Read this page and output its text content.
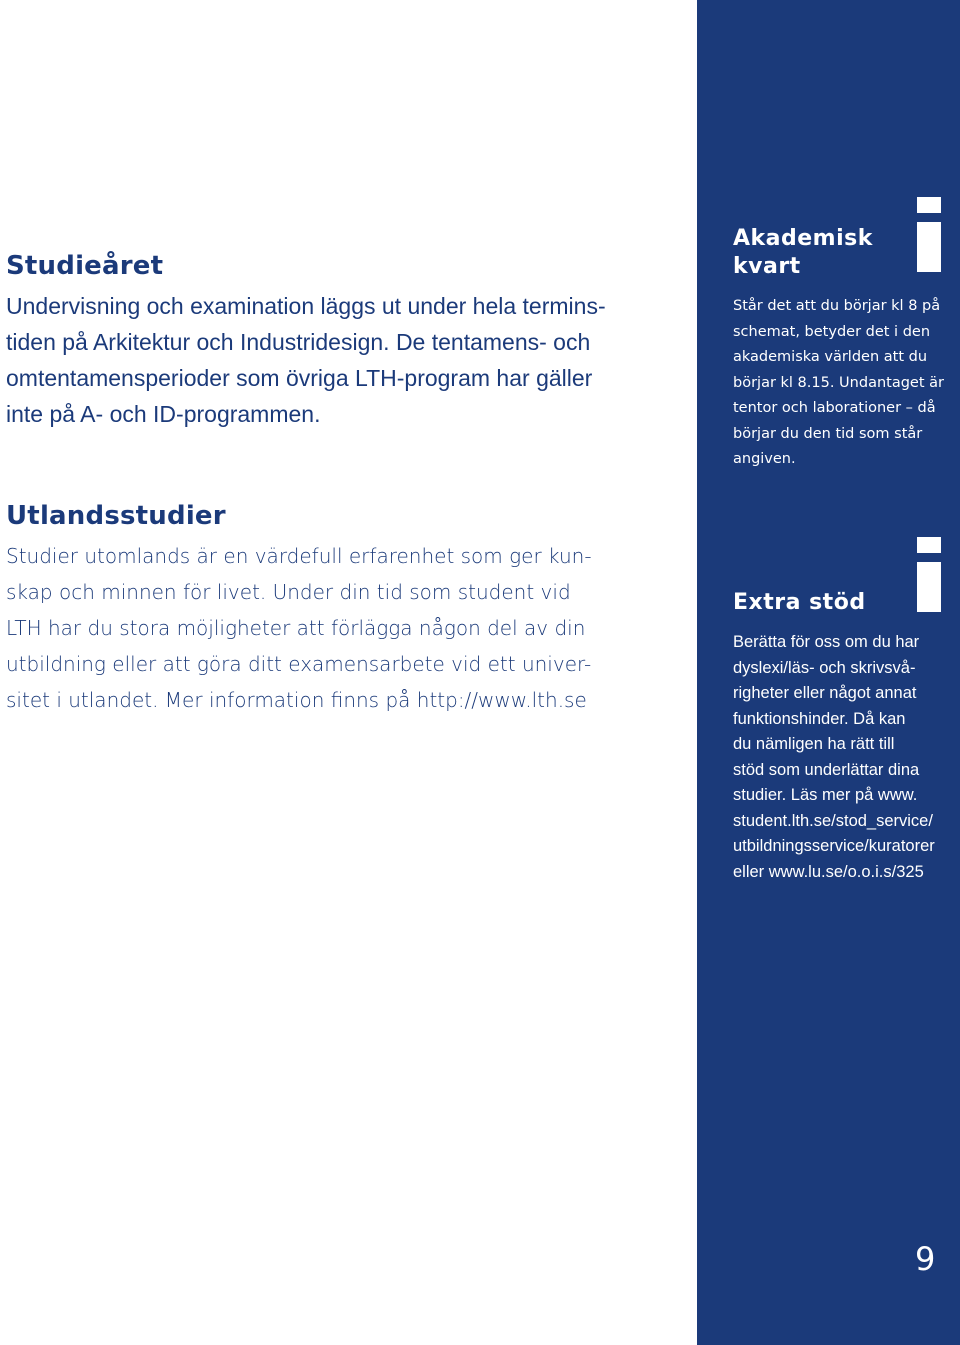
Studieåret
Undervisning och examination läggs ut under hela termins-
tiden på Arkitektur och Industridesign. De tentamens- och
omtentamensperioder som övriga LTH-program har gäller
inte på A- och ID-programmen.
Utlandsstudier
Studier utomlands är en värdefull erfarenhet som ger kun-
skap och minnen för livet. Under din tid som student vid
LTH har du stora möjligheter att förlägga någon del av din
utbildning eller att göra ditt examensarbete vid ett univer-
sitet i utlandet. Mer information finns på http://www.lth.se
Akademisk
kvart
Står det att du börjar kl 8 på
schemat, betyder det i den
akademiska världen att du
börjar kl 8.15. Undantaget är
tentor och laborationer – då
börjar du den tid som står
angiven.
Extra stöd
Berätta för oss om du har
dyslexi/läs- och skrivsvå-
righeter eller något annat
funktionshinder. Då kan
du nämligen ha rätt till
stöd som underlättar dina
studier. Läs mer på www.
student.lth.se/stod_service/
utbildningsservice/kuratorer
eller www.lu.se/o.o.i.s/325
9
